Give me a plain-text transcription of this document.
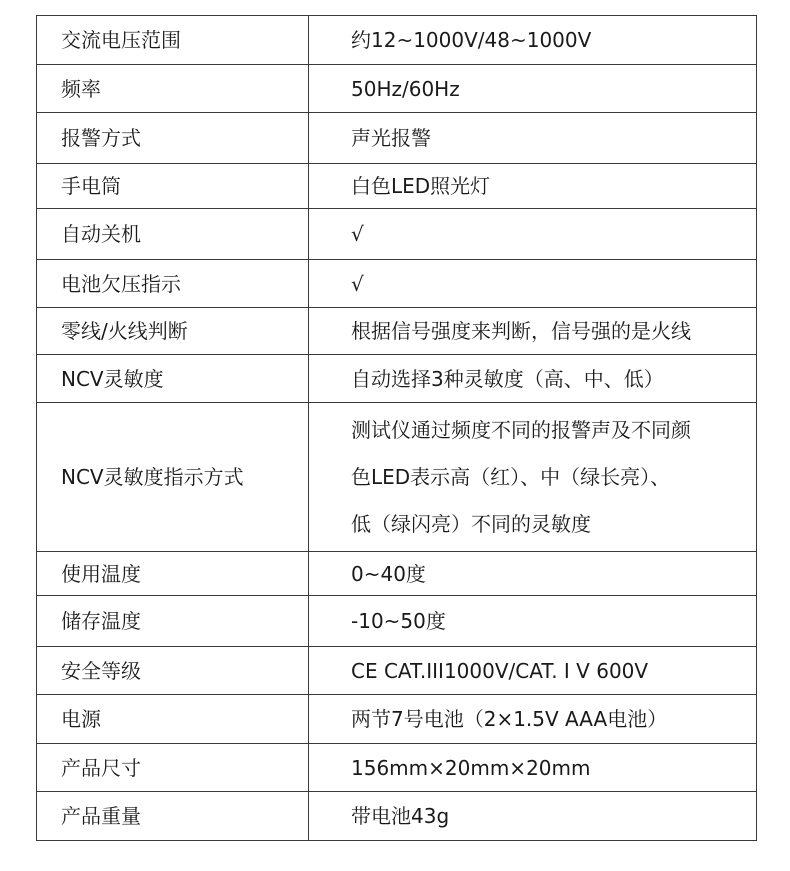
交流电压范围	约12~1000V/48~1000V
频率	50Hz/60Hz
报警方式	声光报警
手电筒	白色LED照光灯
自动关机	√
电池欠压指示	√
零线/火线判断	根据信号强度来判断，信号强的是火线
NCV灵敏度	自动选择3种灵敏度（高、中、低）
NCV灵敏度指示方式	测试仪通过频度不同的报警声及不同颜
色LED表示高（红）、中（绿长亮）、
低（绿闪亮）不同的灵敏度

使用温度	0~40度
储存温度	-10~50度
安全等级	CE CAT.III1000V/CAT. Ⅰ V 600V
电源	两节7号电池（2×1.5V AAA电池）
产品尺寸	156mm×20mm×20mm
产品重量	带电池43g
